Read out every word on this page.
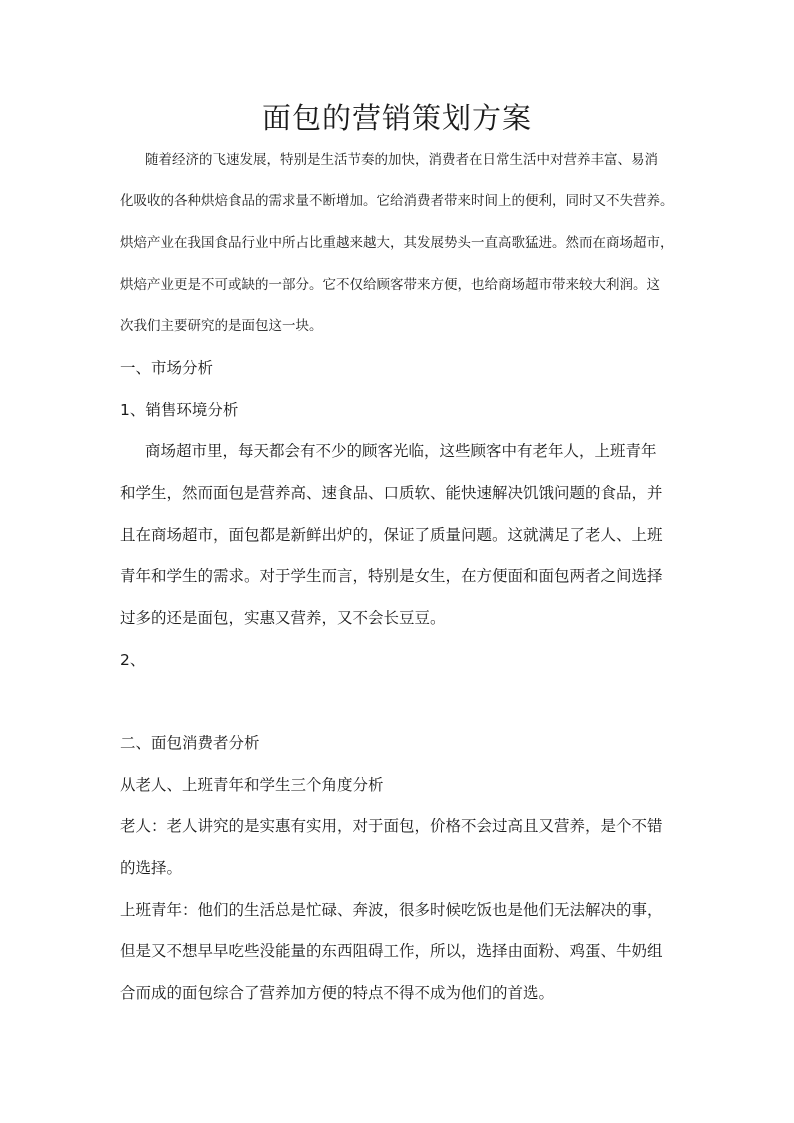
面包的营销策划方案
随着经济的飞速发展，特别是生活节奏的加快，消费者在日常生活中对营养丰富、易消
化吸收的各种烘焙食品的需求量不断增加。它给消费者带来时间上的便利，同时又不失营养。
烘焙产业在我国食品行业中所占比重越来越大，其发展势头一直高歌猛进。然而在商场超市，
烘焙产业更是不可或缺的一部分。它不仅给顾客带来方便，也给商场超市带来较大利润。这
次我们主要研究的是面包这一块。
一、市场分析
1、销售环境分析
商场超市里，每天都会有不少的顾客光临，这些顾客中有老年人，上班青年
和学生，然而面包是营养高、速食品、口质软、能快速解决饥饿问题的食品，并
且在商场超市，面包都是新鲜出炉的，保证了质量问题。这就满足了老人、上班
青年和学生的需求。对于学生而言，特别是女生，在方便面和面包两者之间选择
过多的还是面包，实惠又营养，又不会长豆豆。
2、
二、面包消费者分析
从老人、上班青年和学生三个角度分析
老人：老人讲究的是实惠有实用，对于面包，价格不会过高且又营养，是个不错
的选择。
上班青年：他们的生活总是忙碌、奔波，很多时候吃饭也是他们无法解决的事，
但是又不想早早吃些没能量的东西阻碍工作，所以，选择由面粉、鸡蛋、牛奶组
合而成的面包综合了营养加方便的特点不得不成为他们的首选。
